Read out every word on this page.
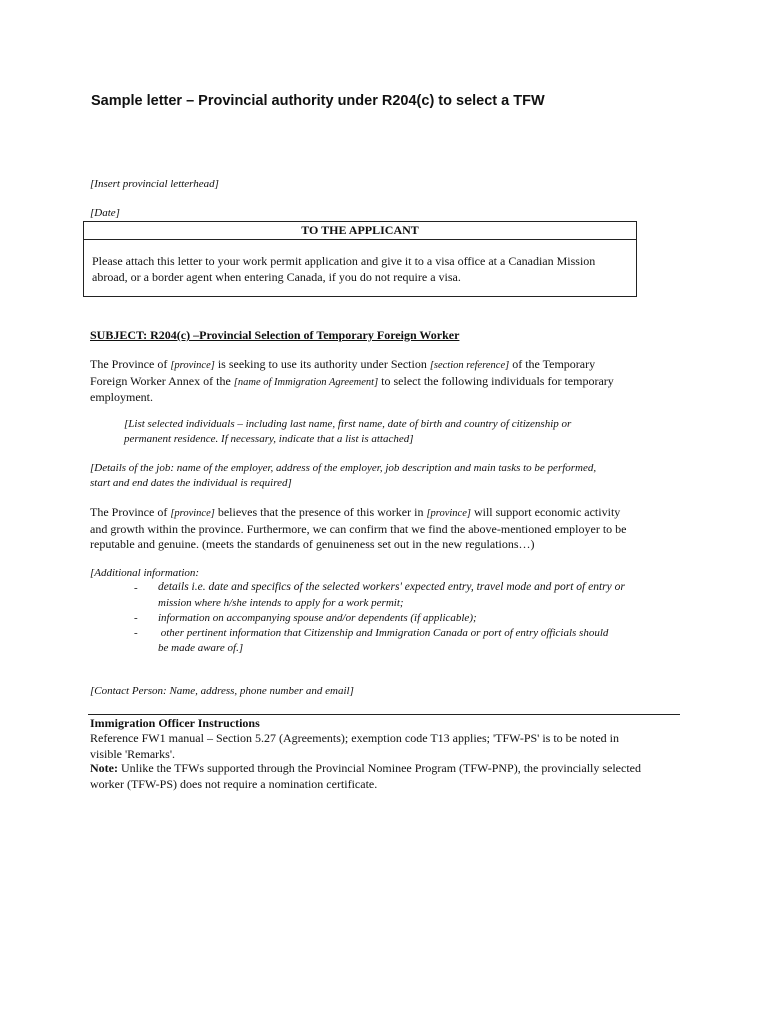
Sample letter – Provincial authority under R204(c) to select a TFW
[Insert provincial letterhead]
[Date]
TO THE APPLICANT
Please attach this letter to your work permit application and give it to a visa office at a Canadian Mission
abroad, or a border agent when entering Canada, if you do not require a visa.
SUBJECT: R204(c) –Provincial Selection of Temporary Foreign Worker
The Province of [province] is seeking to use its authority under Section [section reference] of the Temporary
Foreign Worker Annex of the [name of Immigration Agreement] to select the following individuals for temporary
employment.
[List selected individuals – including last name, first name, date of birth and country of citizenship or
permanent residence. If necessary, indicate that a list is attached]
[Details of the job: name of the employer, address of the employer, job description and main tasks to be performed,
start and end dates the individual is required]
The Province of [province] believes that the presence of this worker in [province] will support economic activity
and growth within the province. Furthermore, we can confirm that we find the above-mentioned employer to be
reputable and genuine. (meets the standards of genuineness set out in the new regulations…)
[Additional information:
- details i.e. date and specifics of the selected workers' expected entry, travel mode and port of entry or
mission where h/she intends to apply for a work permit;
- information on accompanying spouse and/or dependents (if applicable);
- other pertinent information that Citizenship and Immigration Canada or port of entry officials should
be made aware of.]
[Contact Person: Name, address, phone number and email]
Immigration Officer Instructions
Reference FW1 manual – Section 5.27 (Agreements); exemption code T13 applies; 'TFW-PS' is to be noted in
visible 'Remarks'.
Note: Unlike the TFWs supported through the Provincial Nominee Program (TFW-PNP), the provincially selected
worker (TFW-PS) does not require a nomination certificate.
